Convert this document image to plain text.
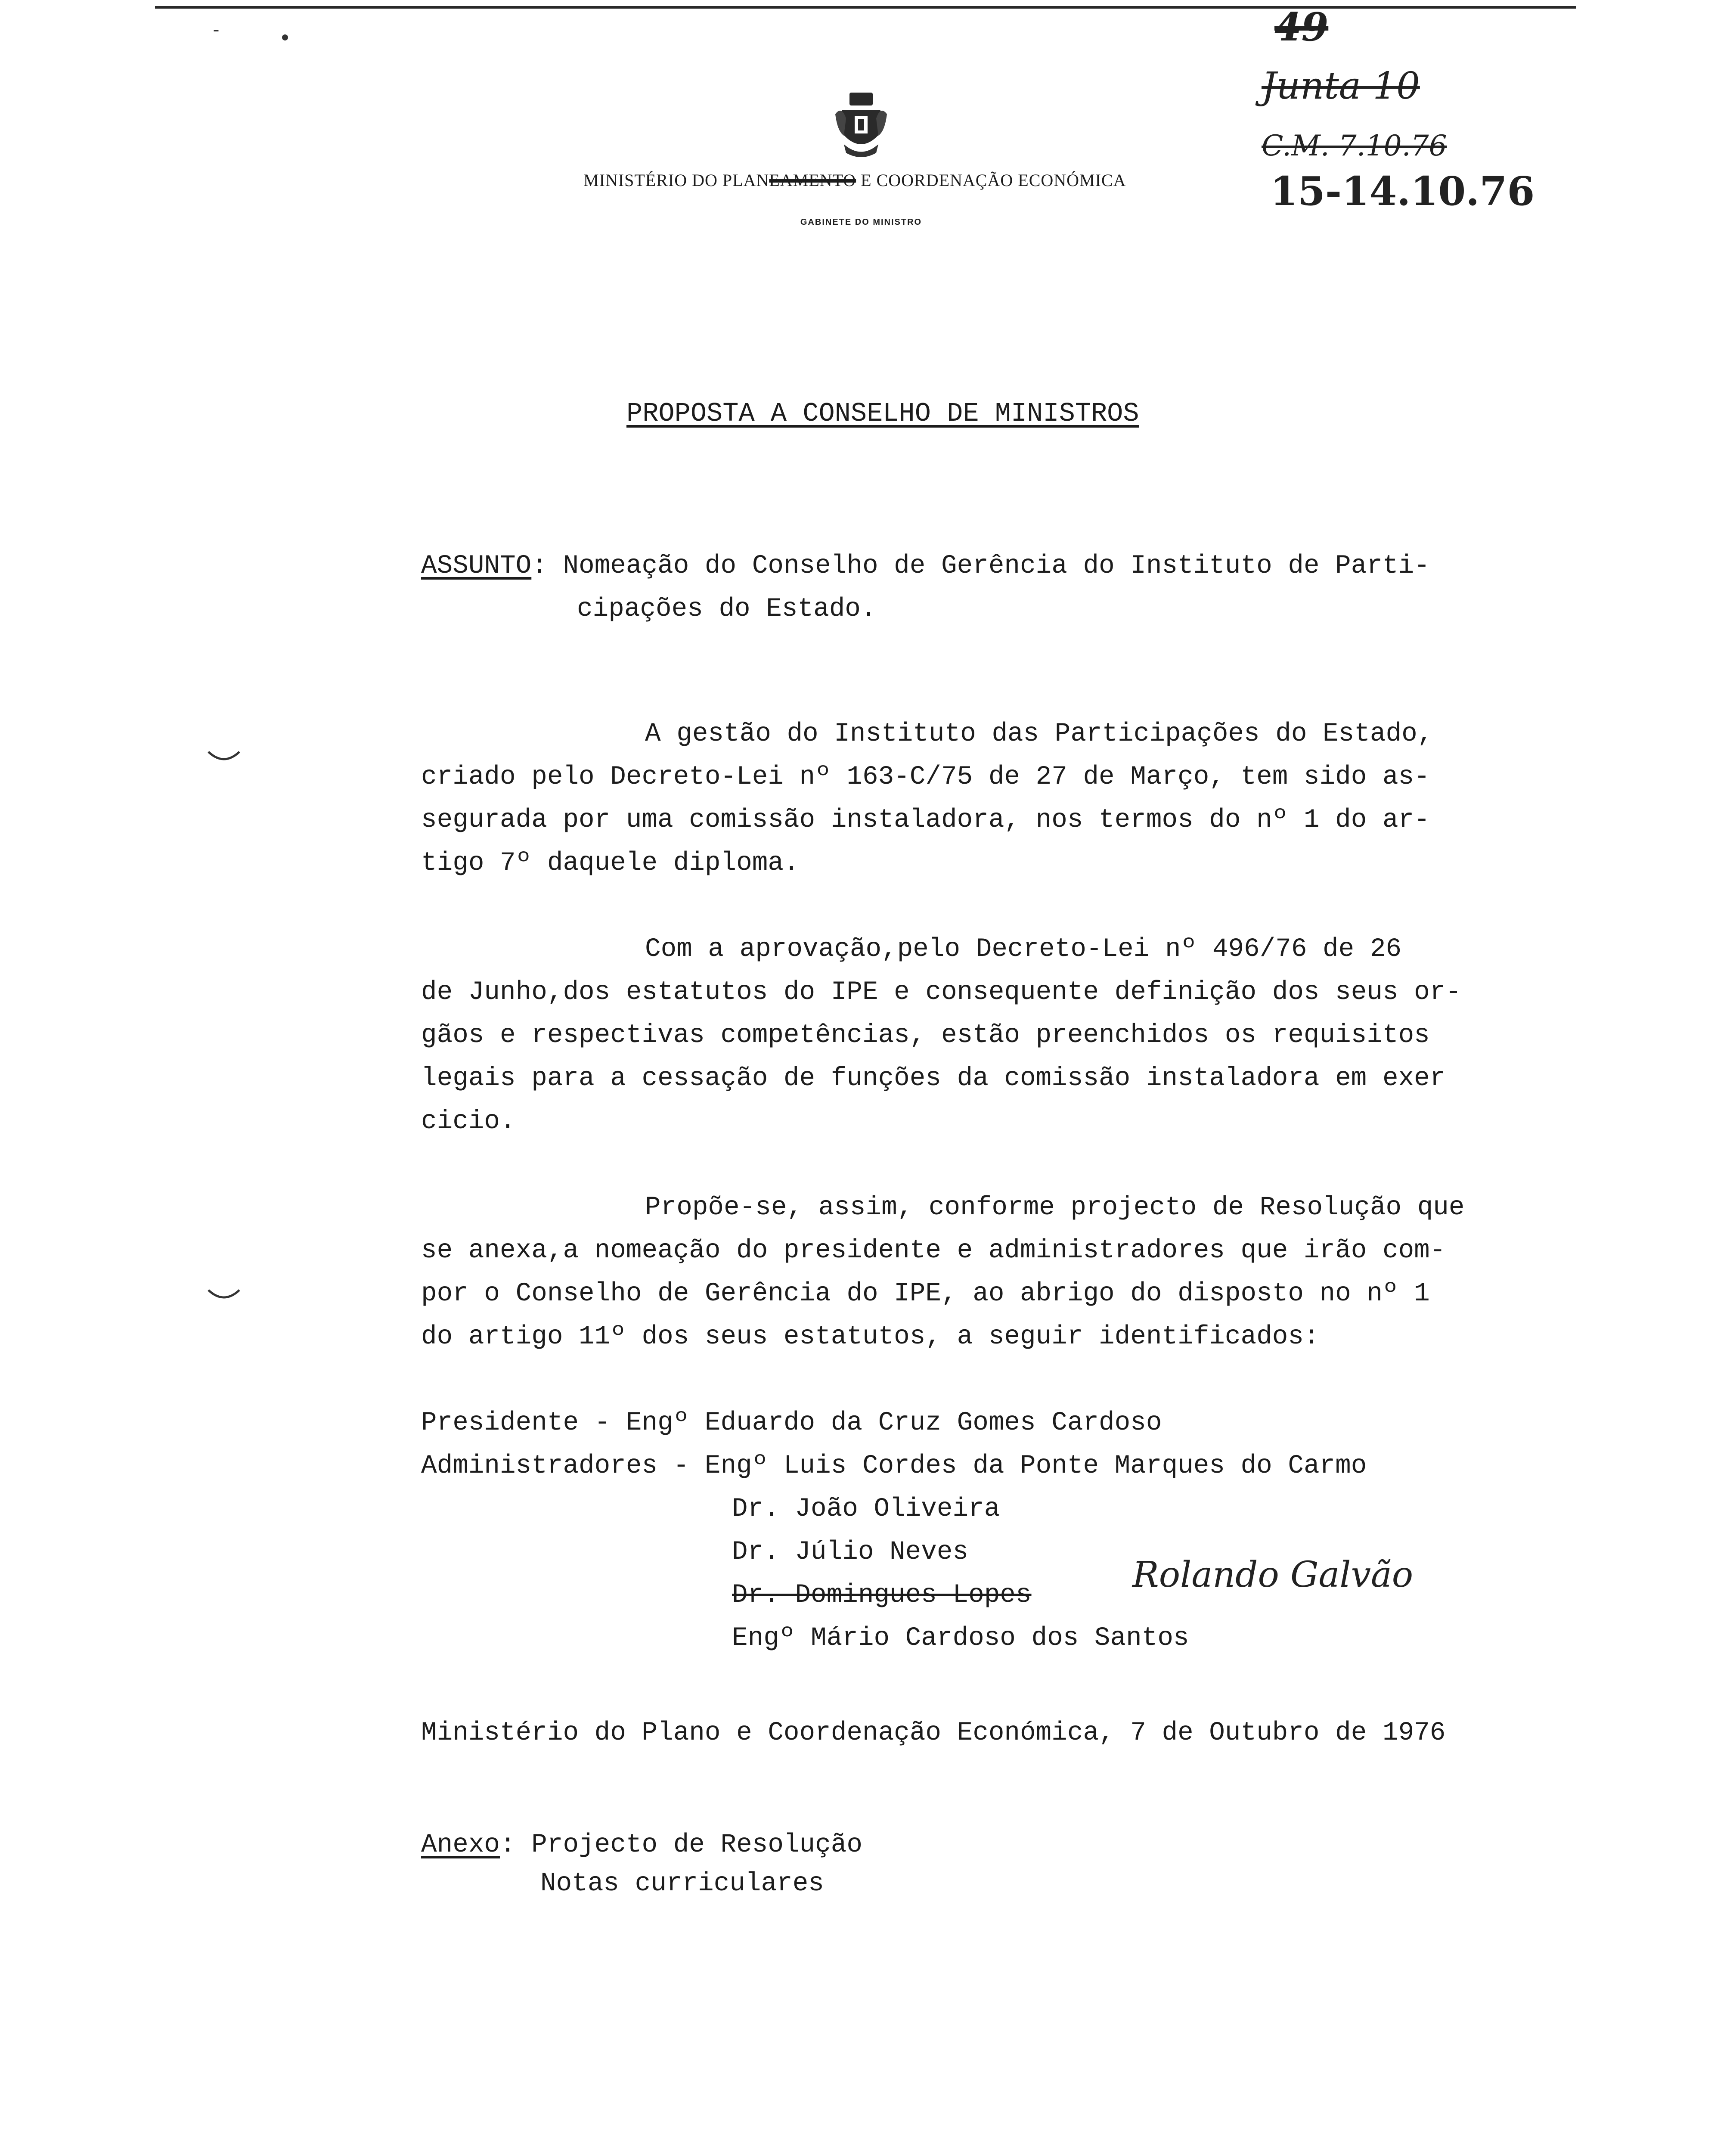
-
MINISTÉRIO DO PLANEAMENTO E COORDENAÇÃO ECONÓMICA
GABINETE DO MINISTRO
49
Junta 10
C.M. 7.10.76
15-14.10.76
PROPOSTA A CONSELHO DE MINISTROS
ASSUNTO: Nomeação do Conselho de Gerência do Instituto de Parti-
cipações do Estado.
A gestão do Instituto das Participações do Estado,
criado pelo Decreto-Lei nº 163-C/75 de 27 de Março, tem sido as-
segurada por uma comissão instaladora, nos termos do nº 1 do ar-
tigo 7º daquele diploma.
Com a aprovação,pelo Decreto-Lei nº 496/76 de 26
de Junho,dos estatutos do IPE e consequente definição dos seus or-
gãos e respectivas competências, estão preenchidos os requisitos
legais para a cessação de funções da comissão instaladora em exer
cicio.
Propõe-se, assim, conforme projecto de Resolução que
se anexa,a nomeação do presidente e administradores que irão com-
por o Conselho de Gerência do IPE, ao abrigo do disposto no nº 1
do artigo 11º dos seus estatutos, a seguir identificados:
Presidente - Engº Eduardo da Cruz Gomes Cardoso
Administradores - Engº Luis Cordes da Ponte Marques do Carmo
Dr. João Oliveira
Dr. Júlio Neves
Dr. Domingues Lopes	Rolando Galvão
Engº Mário Cardoso dos Santos
Ministério do Plano e Coordenação Económica, 7 de Outubro de 1976
Anexo: Projecto de Resolução
Notas curriculares
